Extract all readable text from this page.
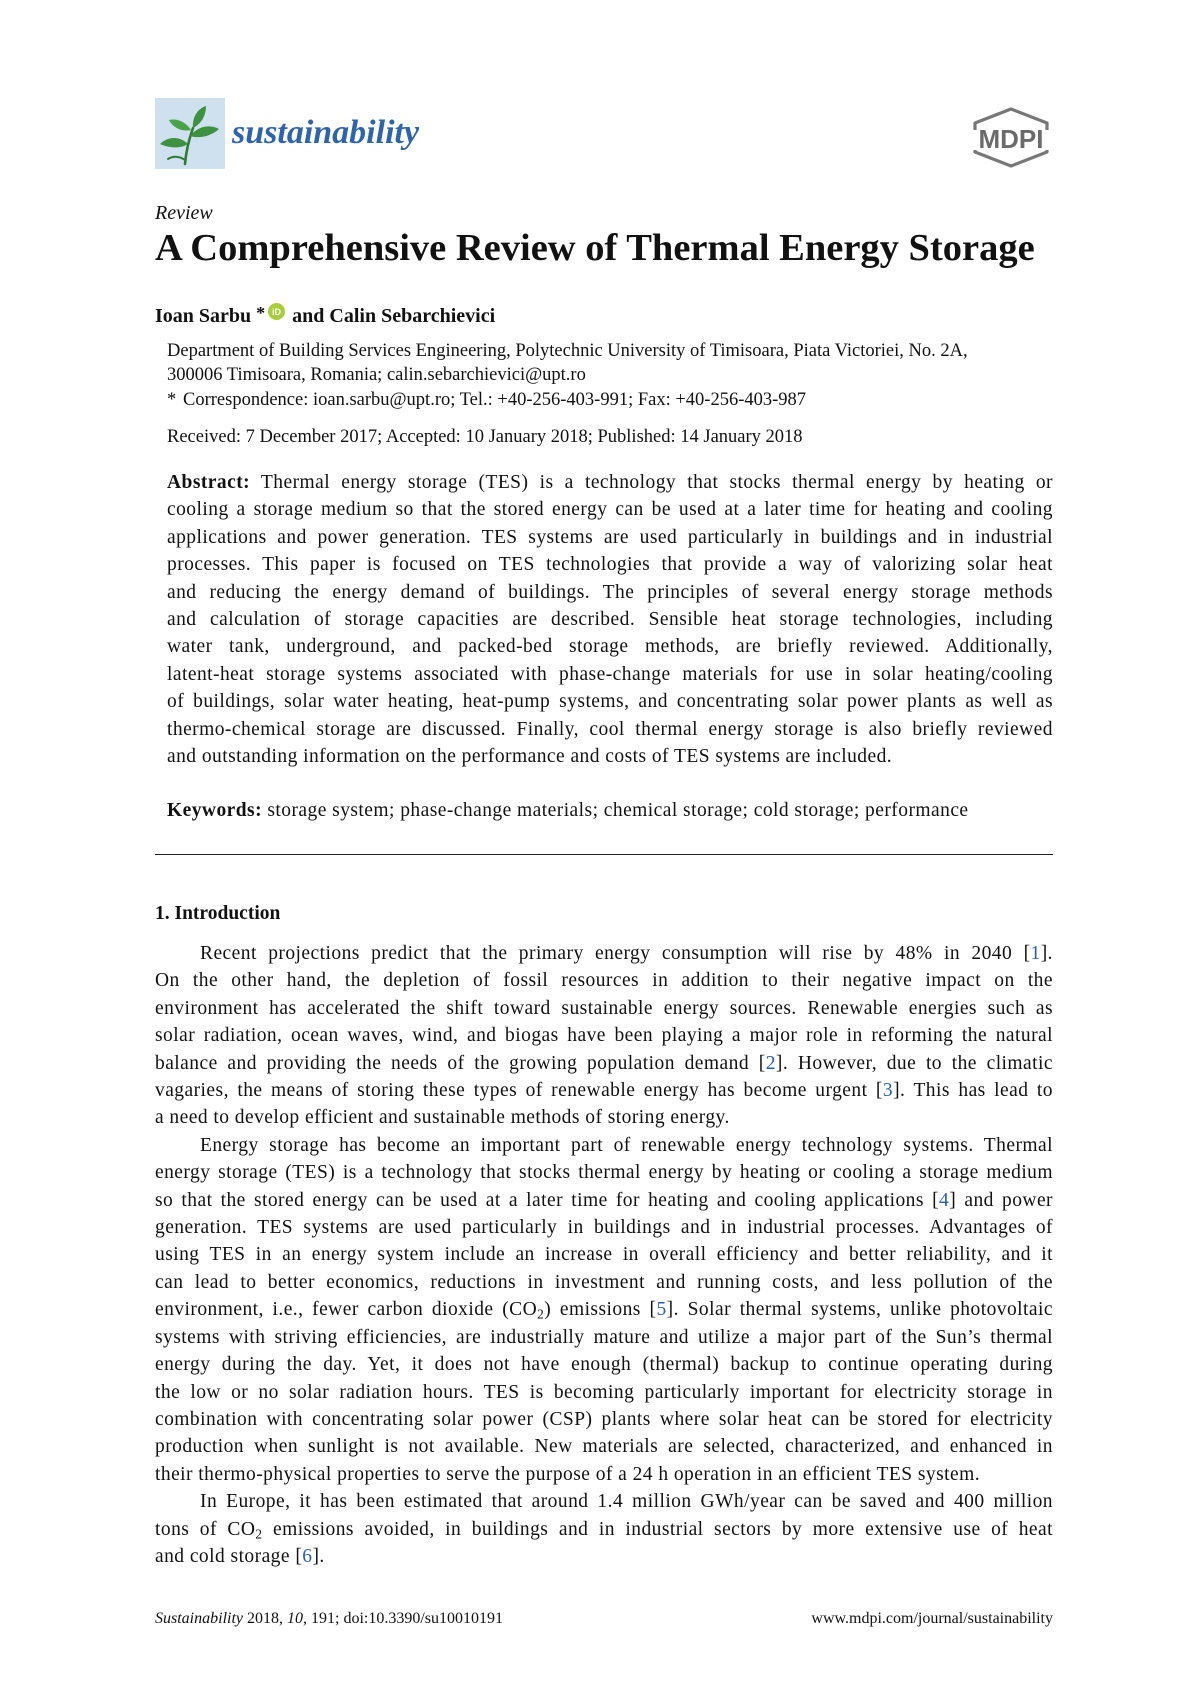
sustainability	MDPI
Review
A Comprehensive Review of Thermal Energy Storage
Ioan Sarbu * iD and Calin Sebarchievici
Department of Building Services Engineering, Polytechnic University of Timisoara, Piata Victoriei, No. 2A,
300006 Timisoara, Romania; calin.sebarchievici@upt.ro
* Correspondence: ioan.sarbu@upt.ro; Tel.: +40-256-403-991; Fax: +40-256-403-987
Received: 7 December 2017; Accepted: 10 January 2018; Published: 14 January 2018
Abstract: Thermal energy storage (TES) is a technology that stocks thermal energy by heating or
cooling a storage medium so that the stored energy can be used at a later time for heating and cooling
applications and power generation. TES systems are used particularly in buildings and in industrial
processes. This paper is focused on TES technologies that provide a way of valorizing solar heat
and reducing the energy demand of buildings. The principles of several energy storage methods
and calculation of storage capacities are described. Sensible heat storage technologies, including
water tank, underground, and packed-bed storage methods, are briefly reviewed. Additionally,
latent-heat storage systems associated with phase-change materials for use in solar heating/cooling
of buildings, solar water heating, heat-pump systems, and concentrating solar power plants as well as
thermo-chemical storage are discussed. Finally, cool thermal energy storage is also briefly reviewed
and outstanding information on the performance and costs of TES systems are included.
Keywords: storage system; phase-change materials; chemical storage; cold storage; performance
1. Introduction
Recent projections predict that the primary energy consumption will rise by 48% in 2040 [1].
On the other hand, the depletion of fossil resources in addition to their negative impact on the
environment has accelerated the shift toward sustainable energy sources. Renewable energies such as
solar radiation, ocean waves, wind, and biogas have been playing a major role in reforming the natural
balance and providing the needs of the growing population demand [2]. However, due to the climatic
vagaries, the means of storing these types of renewable energy has become urgent [3]. This has lead to
a need to develop efficient and sustainable methods of storing energy.
Energy storage has become an important part of renewable energy technology systems. Thermal
energy storage (TES) is a technology that stocks thermal energy by heating or cooling a storage medium
so that the stored energy can be used at a later time for heating and cooling applications [4] and power
generation. TES systems are used particularly in buildings and in industrial processes. Advantages of
using TES in an energy system include an increase in overall efficiency and better reliability, and it
can lead to better economics, reductions in investment and running costs, and less pollution of the
environment, i.e., fewer carbon dioxide $(CO_2)$ emissions [5]. Solar thermal systems, unlike photovoltaic
systems with striving efficiencies, are industrially mature and utilize a major part of the Sun’s thermal
energy during the day. Yet, it does not have enough (thermal) backup to continue operating during
the low or no solar radiation hours. TES is becoming particularly important for electricity storage in
combination with concentrating solar power (CSP) plants where solar heat can be stored for electricity
production when sunlight is not available. New materials are selected, characterized, and enhanced in
their thermo-physical properties to serve the purpose of a 24 h operation in an efficient TES system.
In Europe, it has been estimated that around 1.4 million GWh/year can be saved and 400 million
tons of $CO_2$ emissions avoided, in buildings and in industrial sectors by more extensive use of heat
and cold storage [6].
Sustainability 2018, 10, 191; doi:10.3390/su10010191	www.mdpi.com/journal/sustainability
